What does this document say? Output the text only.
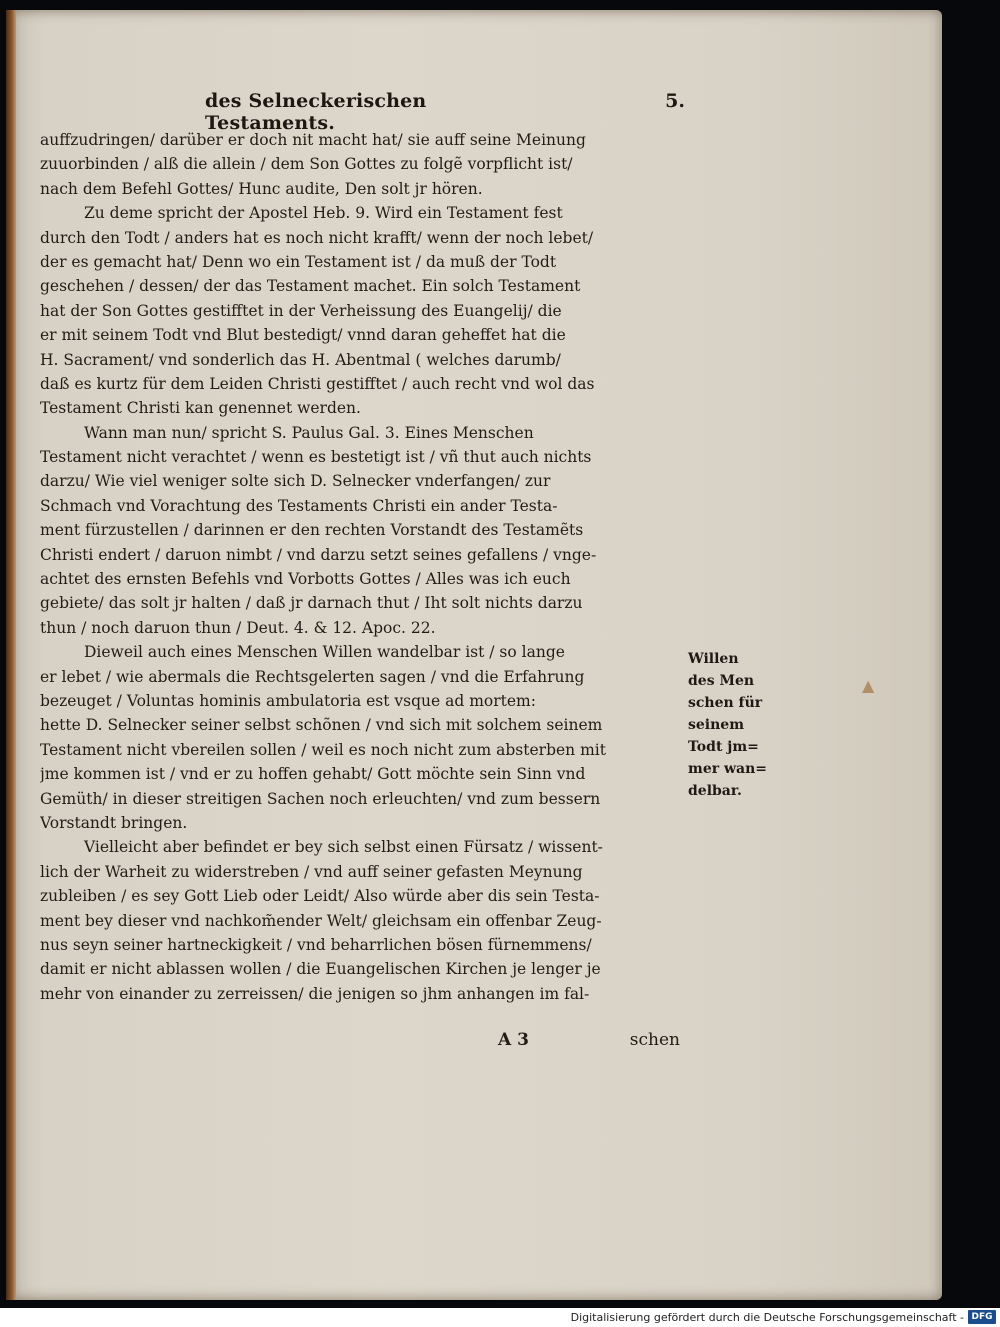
des Selneckerischen Testaments.
5.
auffzudringen/ darüber er doch nit macht hat/ sie auff seine Meinung
zuuorbinden / alß die allein / dem Son Gottes zu folgẽ vorpflicht ist/
nach dem Befehl Gottes/ Hunc audite, Den solt jr hören.
Zu deme spricht der Apostel Heb. 9. Wird ein Testament fest
durch den Todt / anders hat es noch nicht krafft/ wenn der noch lebet/
der es gemacht hat/ Denn wo ein Testament ist / da muß der Todt
geschehen / dessen/ der das Testament machet. Ein solch Testament
hat der Son Gottes gestifftet in der Verheissung des Euangelij/ die
er mit seinem Todt vnd Blut bestedigt/ vnnd daran geheffet hat die
H. Sacrament/ vnd sonderlich das H. Abentmal ( welches darumb/
daß es kurtz für dem Leiden Christi gestifftet / auch recht vnd wol das
Testament Christi kan genennet werden.
Wann man nun/ spricht S. Paulus Gal. 3. Eines Menschen
Testament nicht verachtet / wenn es bestetigt ist / vñ thut auch nichts
darzu/ Wie viel weniger solte sich D. Selnecker vnderfangen/ zur
Schmach vnd Vorachtung des Testaments Christi ein ander Testa-
ment fürzustellen / darinnen er den rechten Vorstandt des Testamẽts
Christi endert / daruon nimbt / vnd darzu setzt seines gefallens / vnge-
achtet des ernsten Befehls vnd Vorbotts Gottes / Alles was ich euch
gebiete/ das solt jr halten / daß jr darnach thut / Iht solt nichts darzu
thun / noch daruon thun / Deut. 4. & 12. Apoc. 22.
Dieweil auch eines Menschen Willen wandelbar ist / so lange
er lebet / wie abermals die Rechtsgelerten sagen / vnd die Erfahrung
bezeuget / Voluntas hominis ambulatoria est vsque ad mortem:
hette D. Selnecker seiner selbst schõnen / vnd sich mit solchem seinem
Testament nicht vbereilen sollen / weil es noch nicht zum absterben mit
jme kommen ist / vnd er zu hoffen gehabt/ Gott möchte sein Sinn vnd
Gemüth/ in dieser streitigen Sachen noch erleuchten/ vnd zum bessern
Vorstandt bringen.
Vielleicht aber befindet er bey sich selbst einen Fürsatz / wissent-
lich der Warheit zu widerstreben / vnd auff seiner gefasten Meynung
zubleiben / es sey Gott Lieb oder Leidt/ Also würde aber dis sein Testa-
ment bey dieser vnd nachkom̃ender Welt/ gleichsam ein offenbar Zeug-
nus seyn seiner hartneckigkeit / vnd beharrlichen bösen fürnemmens/
damit er nicht ablassen wollen / die Euangelischen Kirchen je lenger je
mehr von einander zu zerreissen/ die jenigen so jhm anhangen im fal-
Willen
des Men
schen für
seinem
Todt jm=
mer wan=
delbar.
▲
A 3	schen
Digitalisierung gefördert durch die Deutsche Forschungsgemeinschaft - DFG
